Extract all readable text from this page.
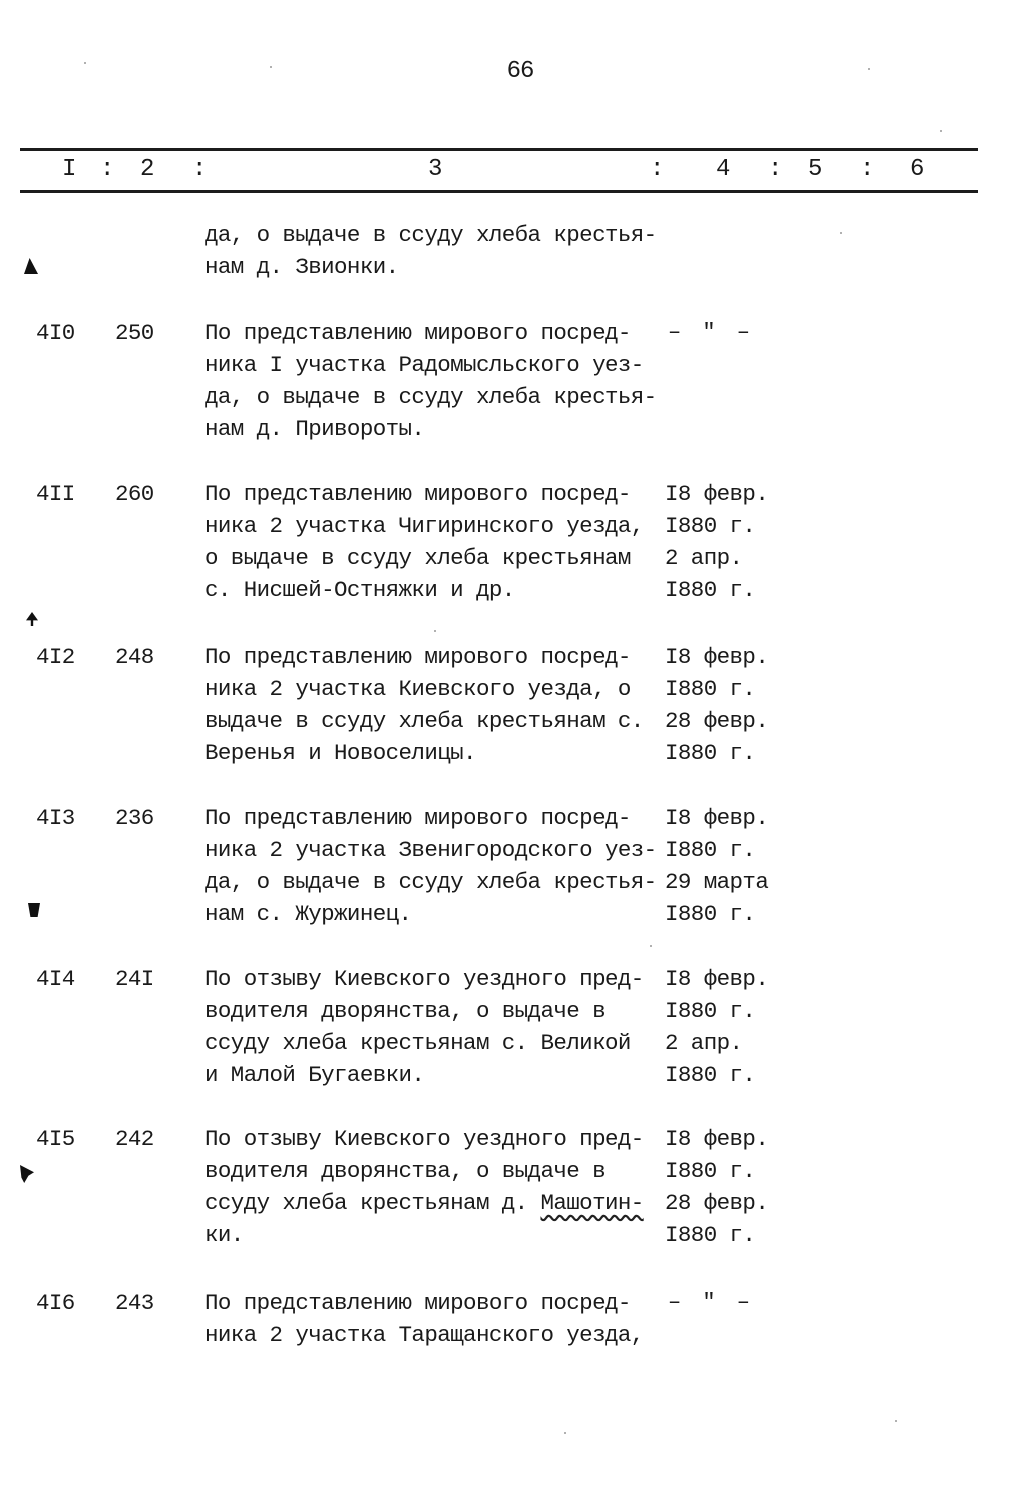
66
I : 2 :	3	: 4 : 5 : 6
да, о выдаче в ссуду хлеба крестья-
нам д. Звионки.
4I0 250 По представлению мирового посред-
ника I участка Радомысльского уез-
да, о выдаче в ссуду хлеба крестья-
нам д. Привороты.
– " –
4II 260 По представлению мирового посред-
ника 2 участка Чигиринского уезда,
о выдаче в ссуду хлеба крестьянам
с. Нисшей-Остняжки и др.
I8 февр.
I880 г.
2 апр.
I880 г.
4I2 248 По представлению мирового посред-
ника 2 участка Киевского уезда, о
выдаче в ссуду хлеба крестьянам с.
Веренья и Новоселицы.
I8 февр.
I880 г.
28 февр.
I880 г.
4I3 236 По представлению мирового посред-
ника 2 участка Звенигородского уез-
да, о выдаче в ссуду хлеба крестья-
нам с. Журжинец.
I8 февр.
I880 г.
29 марта
I880 г.
4I4 24I По отзыву Киевского уездного пред-
водителя дворянства, о выдаче в
ссуду хлеба крестьянам с. Великой
и Малой Бугаевки.
I8 февр.
I880 г.
2 апр.
I880 г.
4I5 242 По отзыву Киевского уездного пред-
водителя дворянства, о выдаче в
ссуду хлеба крестьянам д. Машотин-
ки.
I8 февр.
I880 г.
28 февр.
I880 г.
4I6 243 По представлению мирового посред-
ника 2 участка Таращанского уезда,
– " –
